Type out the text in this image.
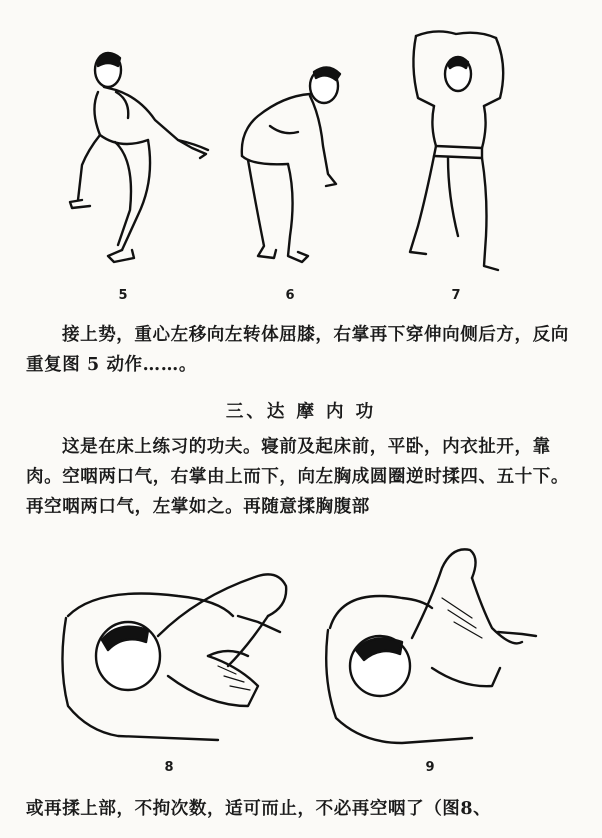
5	6	7

接上势，重心左移向左转体屈膝，右掌再下穿伸向侧后方，反向重复图 5 动作……。

三、达 摩 内 功

这是在床上练习的功夫。寝前及起床前，平卧，内衣扯开，靠肉。空咽两口气，右掌由上而下，向左胸成圆圈逆时揉四、五十下。再空咽两口气，左掌如之。再随意揉胸腹部

8	9

或再揉上部，不拘次数，适可而止，不必再空咽了（图8、
